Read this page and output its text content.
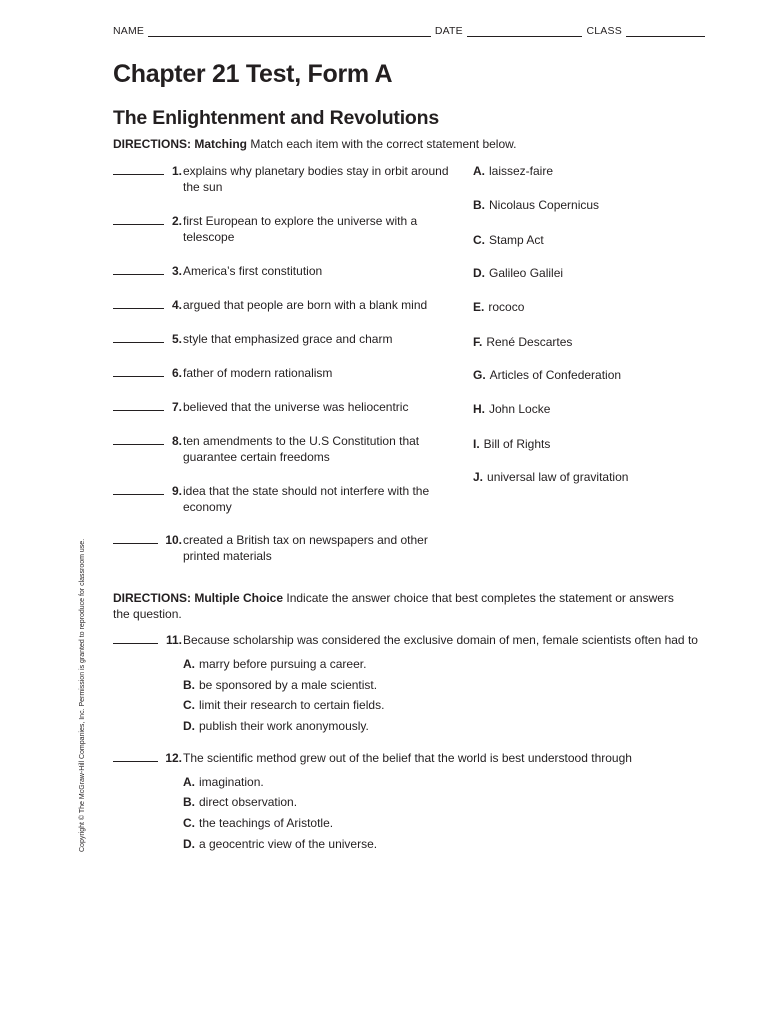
NAME	DATE	CLASS
Chapter 21 Test, Form A
The Enlightenment and Revolutions
DIRECTIONS: Matching Match each item with the correct statement below.
1. explains why planetary bodies stay in orbit around the sun
2. first European to explore the universe with a telescope
3. America’s first constitution
4. argued that people are born with a blank mind
5. style that emphasized grace and charm
6. father of modern rationalism
7. believed that the universe was heliocentric
8. ten amendments to the U.S Constitution that guarantee certain freedoms
9. idea that the state should not interfere with the economy
10. created a British tax on newspapers and other printed materials
A. laissez-faire
B. Nicolaus Copernicus
C. Stamp Act
D. Galileo Galilei
E. rococo
F. René Descartes
G. Articles of Confederation
H. John Locke
I. Bill of Rights
J. universal law of gravitation
DIRECTIONS: Multiple Choice Indicate the answer choice that best completes the statement or answers the question.
11. Because scholarship was considered the exclusive domain of men, female scientists often had to
A. marry before pursuing a career.
B. be sponsored by a male scientist.
C. limit their research to certain fields.
D. publish their work anonymously.
12. The scientific method grew out of the belief that the world is best understood through
A. imagination.
B. direct observation.
C. the teachings of Aristotle.
D. a geocentric view of the universe.
Copyright © The McGraw-Hill Companies, Inc. Permission is granted to reproduce for classroom use.
